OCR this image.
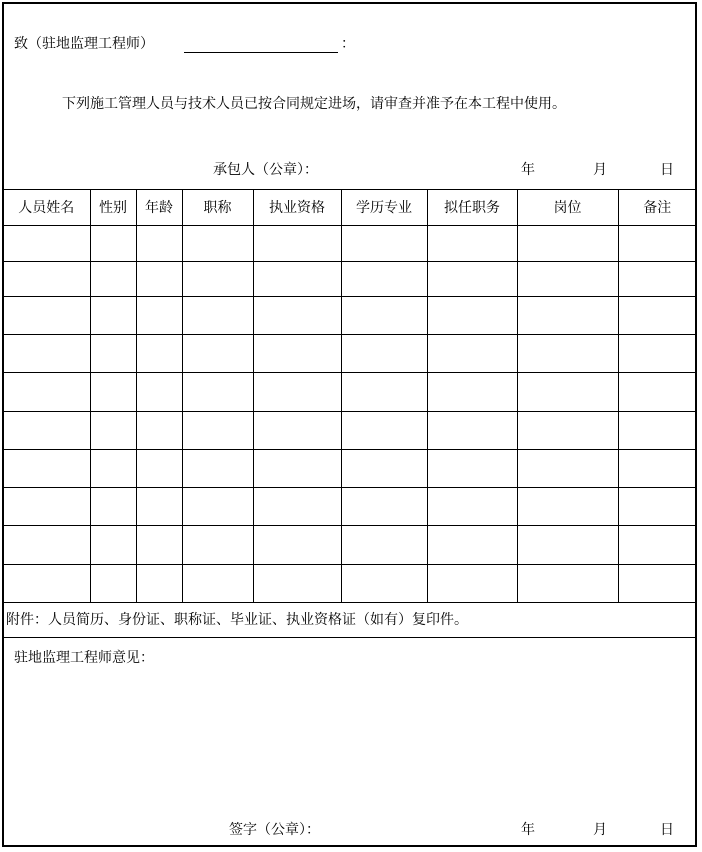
致（驻地监理工程师）	：
下列施工管理人员与技术人员已按合同规定进场，请审查并准予在本工程中使用。
承包人（公章）：	年	月	日
人员姓名	性别	年龄	职称	执业资格	学历专业	拟任职务	岗位	备注

附件：人员简历、身份证、职称证、毕业证、执业资格证（如有）复印件。
驻地监理工程师意见：
签字（公章）：	年	月	日
